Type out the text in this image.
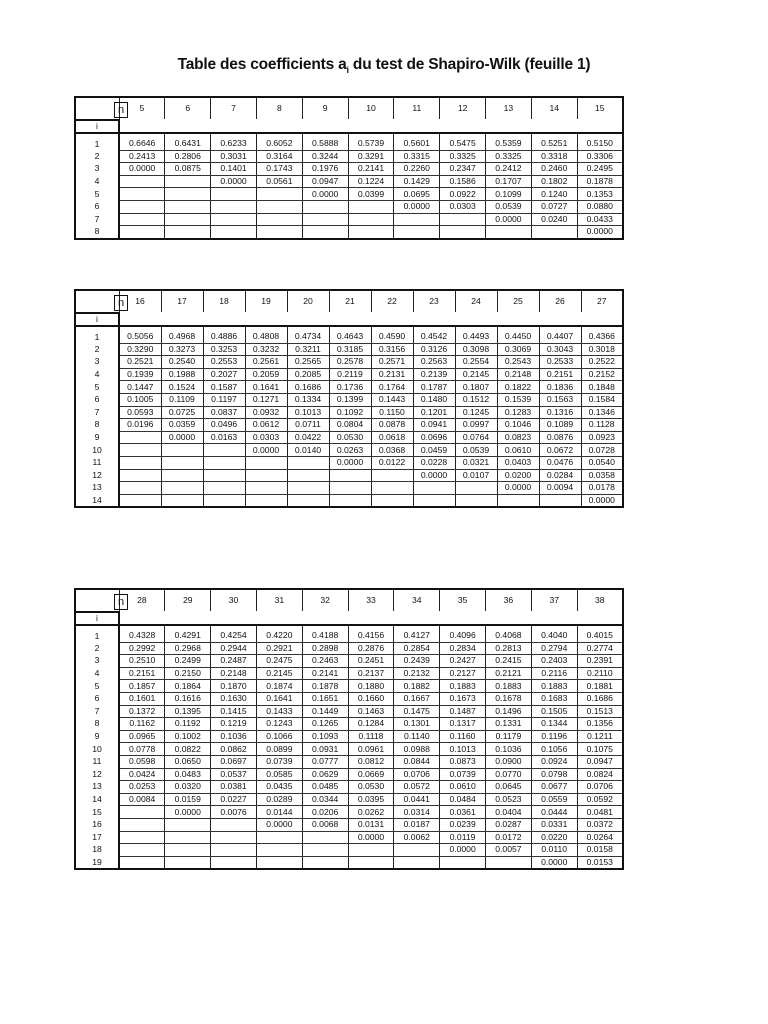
Table des coefficients $a_i$ du test de Shapiro-Wilk (feuille 1)
n	5	6	7	8	9	10	11	12	13	14	15
i											
1	0.6646	0.6431	0.6233	0.6052	0.5888	0.5739	0.5601	0.5475	0.5359	0.5251	0.5150
2	0.2413	0.2806	0.3031	0.3164	0.3244	0.3291	0.3315	0.3325	0.3325	0.3318	0.3306
3	0.0000	0.0875	0.1401	0.1743	0.1976	0.2141	0.2260	0.2347	0.2412	0.2460	0.2495
4			0.0000	0.0561	0.0947	0.1224	0.1429	0.1586	0.1707	0.1802	0.1878
5					0.0000	0.0399	0.0695	0.0922	0.1099	0.1240	0.1353
6							0.0000	0.0303	0.0539	0.0727	0.0880
7									0.0000	0.0240	0.0433
8											0.0000
n	16	17	18	19	20	21	22	23	24	25	26	27
i												
1	0.5056	0.4968	0.4886	0.4808	0.4734	0.4643	0.4590	0.4542	0.4493	0.4450	0.4407	0.4366
2	0.3290	0.3273	0.3253	0.3232	0.3211	0.3185	0.3156	0.3126	0.3098	0.3069	0.3043	0.3018
3	0.2521	0.2540	0.2553	0.2561	0.2565	0.2578	0.2571	0.2563	0.2554	0.2543	0.2533	0.2522
4	0.1939	0.1988	0.2027	0.2059	0.2085	0.2119	0.2131	0.2139	0.2145	0.2148	0.2151	0.2152
5	0.1447	0.1524	0.1587	0.1641	0.1686	0.1736	0.1764	0.1787	0.1807	0.1822	0.1836	0.1848
6	0.1005	0.1109	0.1197	0.1271	0.1334	0.1399	0.1443	0.1480	0.1512	0.1539	0.1563	0.1584
7	0.0593	0.0725	0.0837	0.0932	0.1013	0.1092	0.1150	0.1201	0.1245	0.1283	0.1316	0.1346
8	0.0196	0.0359	0.0496	0.0612	0.0711	0.0804	0.0878	0.0941	0.0997	0.1046	0.1089	0.1128
9		0.0000	0.0163	0.0303	0.0422	0.0530	0.0618	0.0696	0.0764	0.0823	0.0876	0.0923
10				0.0000	0.0140	0.0263	0.0368	0.0459	0.0539	0.0610	0.0672	0.0728
11						0.0000	0.0122	0.0228	0.0321	0.0403	0.0476	0.0540
12								0.0000	0.0107	0.0200	0.0284	0.0358
13										0.0000	0.0094	0.0178
14												0.0000
n	28	29	30	31	32	33	34	35	36	37	38
i											
1	0.4328	0.4291	0.4254	0.4220	0.4188	0.4156	0.4127	0.4096	0.4068	0.4040	0.4015
2	0.2992	0.2968	0.2944	0.2921	0.2898	0.2876	0.2854	0.2834	0.2813	0.2794	0.2774
3	0.2510	0.2499	0.2487	0.2475	0.2463	0.2451	0.2439	0.2427	0.2415	0.2403	0.2391
4	0.2151	0.2150	0.2148	0.2145	0.2141	0.2137	0.2132	0.2127	0.2121	0.2116	0.2110
5	0.1857	0.1864	0.1870	0.1874	0.1878	0.1880	0.1882	0.1883	0.1883	0.1883	0.1881
6	0.1601	0.1616	0.1630	0.1641	0.1651	0.1660	0.1667	0.1673	0.1678	0.1683	0.1686
7	0.1372	0.1395	0.1415	0.1433	0.1449	0.1463	0.1475	0.1487	0.1496	0.1505	0.1513
8	0.1162	0.1192	0.1219	0.1243	0.1265	0.1284	0.1301	0.1317	0.1331	0.1344	0.1356
9	0.0965	0.1002	0.1036	0.1066	0.1093	0.1118	0.1140	0.1160	0.1179	0.1196	0.1211
10	0.0778	0.0822	0.0862	0.0899	0.0931	0.0961	0.0988	0.1013	0.1036	0.1056	0.1075
11	0.0598	0.0650	0.0697	0.0739	0.0777	0.0812	0.0844	0.0873	0.0900	0.0924	0.0947
12	0.0424	0.0483	0.0537	0.0585	0.0629	0.0669	0.0706	0.0739	0.0770	0.0798	0.0824
13	0.0253	0.0320	0.0381	0.0435	0.0485	0.0530	0.0572	0.0610	0.0645	0.0677	0.0706
14	0.0084	0.0159	0.0227	0.0289	0.0344	0.0395	0.0441	0.0484	0.0523	0.0559	0.0592
15		0.0000	0.0076	0.0144	0.0206	0.0262	0.0314	0.0361	0.0404	0.0444	0.0481
16				0.0000	0.0068	0.0131	0.0187	0.0239	0.0287	0.0331	0.0372
17						0.0000	0.0062	0.0119	0.0172	0.0220	0.0264
18								0.0000	0.0057	0.0110	0.0158
19										0.0000	0.0153
